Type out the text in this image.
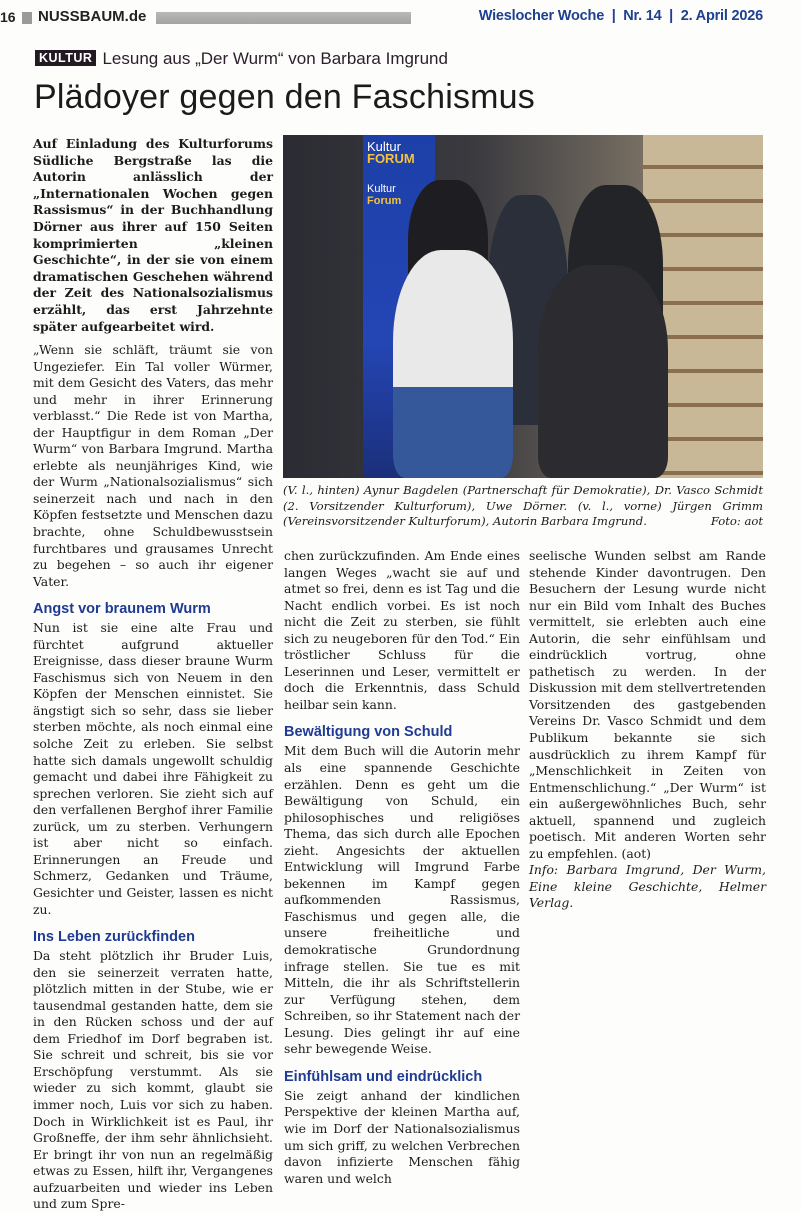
16 NUSSBAUM.de	Wieslocher Woche  |  Nr. 14  |  2. April 2026
KULTUR Lesung aus „Der Wurm“ von Barbara Imgrund
Plädoyer gegen den Faschismus
Auf Einladung des Kulturforums Südliche Bergstraße las die Autorin anlässlich der „Internationalen Wochen gegen Rassismus“ in der Buchhandlung Dörner aus ihrer auf 150 Seiten komprimierten „kleinen Geschichte“, in der sie von einem dramatischen Geschehen während der Zeit des Nationalsozialismus erzählt, das erst Jahrzehnte später aufgearbeitet wird.

„Wenn sie schläft, träumt sie von Ungeziefer. Ein Tal voller Würmer, mit dem Gesicht des Vaters, das mehr und mehr in ihrer Erinnerung verblasst.“ Die Rede ist von Martha, der Hauptfigur in dem Roman „Der Wurm“ von Barbara Imgrund. Martha erlebte als neunjähriges Kind, wie der Wurm „Nationalsozialismus“ sich seinerzeit nach und nach in den Köpfen festsetzte und Menschen dazu brachte, ohne Schuldbewusstsein furchtbares und grausames Unrecht zu begehen – so auch ihr eigener Vater.

Angst vor braunem Wurm

Nun ist sie eine alte Frau und fürchtet aufgrund aktueller Ereignisse, dass dieser braune Wurm Faschismus sich von Neuem in den Köpfen der Menschen einnistet. Sie ängstigt sich so sehr, dass sie lieber sterben möchte, als noch einmal eine solche Zeit zu erleben. Sie selbst hatte sich damals ungewollt schuldig gemacht und dabei ihre Fähigkeit zu sprechen verloren. Sie zieht sich auf den verfallenen Berghof ihrer Familie zurück, um zu sterben. Verhungern ist aber nicht so einfach. Erinnerungen an Freude und Schmerz, Gedanken und Träume, Gesichter und Geister, lassen es nicht zu.

Ins Leben zurückfinden

Da steht plötzlich ihr Bruder Luis, den sie seinerzeit verraten hatte, plötzlich mitten in der Stube, wie er tausendmal gestanden hatte, dem sie in den Rücken schoss und der auf dem Friedhof im Dorf begraben ist. Sie schreit und schreit, bis sie vor Erschöpfung verstummt. Als sie wieder zu sich kommt, glaubt sie immer noch, Luis vor sich zu haben. Doch in Wirklichkeit ist es Paul, ihr Großneffe, der ihm sehr ähnlichsieht. Er bringt ihr von nun an regelmäßig etwas zu Essen, hilft ihr, Vergangenes aufzuarbeiten und wieder ins Leben und zum Spre-

Kultur
FORUM
Kultur
Forum
(V. l., hinten) Aynur Bagdelen (Partnerschaft für Demokratie), Dr. Vasco Schmidt (2. Vorsitzender Kulturforum), Uwe Dörner. (v. l., vorne) Jürgen Grimm (Vereinsvorsitzender Kulturforum), Autorin Barbara Imgrund.	Foto: aot

chen zurückzufinden. Am Ende eines langen Weges „wacht sie auf und atmet so frei, denn es ist Tag und die Nacht endlich vorbei. Es ist noch nicht die Zeit zu sterben, sie fühlt sich zu neugeboren für den Tod.“ Ein tröstlicher Schluss für die Leserinnen und Leser, vermittelt er doch die Erkenntnis, dass Schuld heilbar sein kann.

Bewältigung von Schuld

Mit dem Buch will die Autorin mehr als eine spannende Geschichte erzählen. Denn es geht um die Bewältigung von Schuld, ein philosophisches und religiöses Thema, das sich durch alle Epochen zieht. Angesichts der aktuellen Entwicklung will Imgrund Farbe bekennen im Kampf gegen aufkommenden Rassismus, Faschismus und gegen alle, die unsere freiheitliche und demokratische Grundordnung infrage stellen. Sie tue es mit Mitteln, die ihr als Schriftstellerin zur Verfügung stehen, dem Schreiben, so ihr Statement nach der Lesung. Dies gelingt ihr auf eine sehr bewegende Weise.

Einfühlsam und eindrücklich

Sie zeigt anhand der kindlichen Perspektive der kleinen Martha auf, wie im Dorf der Nationalsozialismus um sich griff, zu welchen Verbrechen davon infizierte Menschen fähig waren und welch

seelische Wunden selbst am Rande stehende Kinder davontrugen. Den Besuchern der Lesung wurde nicht nur ein Bild vom Inhalt des Buches vermittelt, sie erlebten auch eine Autorin, die sehr einfühlsam und eindrücklich vortrug, ohne pathetisch zu werden. In der Diskussion mit dem stellvertretenden Vorsitzenden des gastgebenden Vereins Dr. Vasco Schmidt und dem Publikum bekannte sie sich ausdrücklich zu ihrem Kampf für „Menschlichkeit in Zeiten von Entmenschlichung.“ „Der Wurm“ ist ein außergewöhnliches Buch, sehr aktuell, spannend und zugleich poetisch. Mit anderen Worten sehr zu empfehlen. (aot)

Info: Barbara Imgrund, Der Wurm, Eine kleine Geschichte, Helmer Verlag.
